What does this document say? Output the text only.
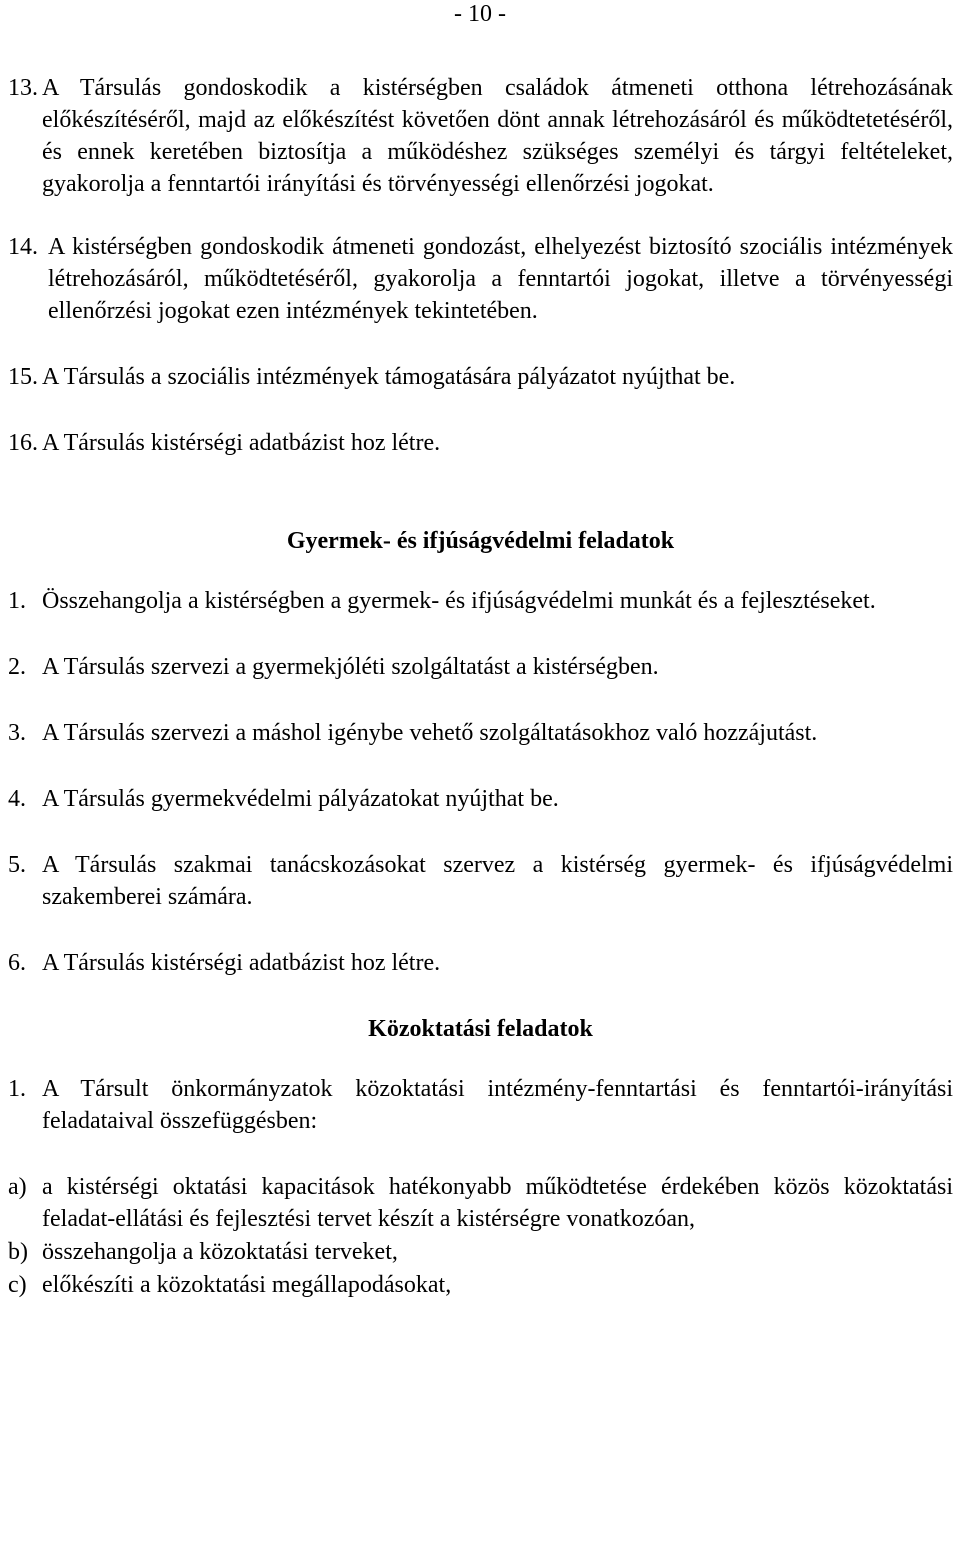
- 10 -
13. A Társulás gondoskodik a kistérségben családok átmeneti otthona létrehozásának előkészítéséről, majd az előkészítést követően dönt annak létrehozásáról és működtetetéséről, és ennek keretében biztosítja a működéshez szükséges személyi és tárgyi feltételeket, gyakorolja a fenntartói irányítási és törvényességi ellenőrzési jogokat.
14. A kistérségben gondoskodik átmeneti gondozást, elhelyezést biztosító szociális intézmények létrehozásáról, működtetéséről, gyakorolja a fenntartói jogokat, illetve a törvényességi ellenőrzési jogokat ezen intézmények tekintetében.
15. A Társulás a szociális intézmények támogatására pályázatot nyújthat be.
16. A Társulás kistérségi adatbázist hoz létre.

Gyermek- és ifjúságvédelmi feladatok

1. Összehangolja a kistérségben a gyermek- és ifjúságvédelmi munkát és a fejlesztéseket.
2. A Társulás szervezi a gyermekjóléti szolgáltatást a kistérségben.
3. A Társulás szervezi a máshol igénybe vehető szolgáltatásokhoz való hozzájutást.
4. A Társulás gyermekvédelmi pályázatokat nyújthat be.
5. A Társulás szakmai tanácskozásokat szervez a kistérség gyermek- és ifjúságvédelmi szakemberei számára.
6. A Társulás kistérségi adatbázist hoz létre.

Közoktatási feladatok

1. A Társult önkormányzatok közoktatási intézmény-fenntartási és fenntartói-irányítási feladataival összefüggésben:
a) a kistérségi oktatási kapacitások hatékonyabb működtetése érdekében közös közoktatási feladat-ellátási és fejlesztési tervet készít a kistérségre vonatkozóan,
b) összehangolja a közoktatási terveket,
c) előkészíti a közoktatási megállapodásokat,
